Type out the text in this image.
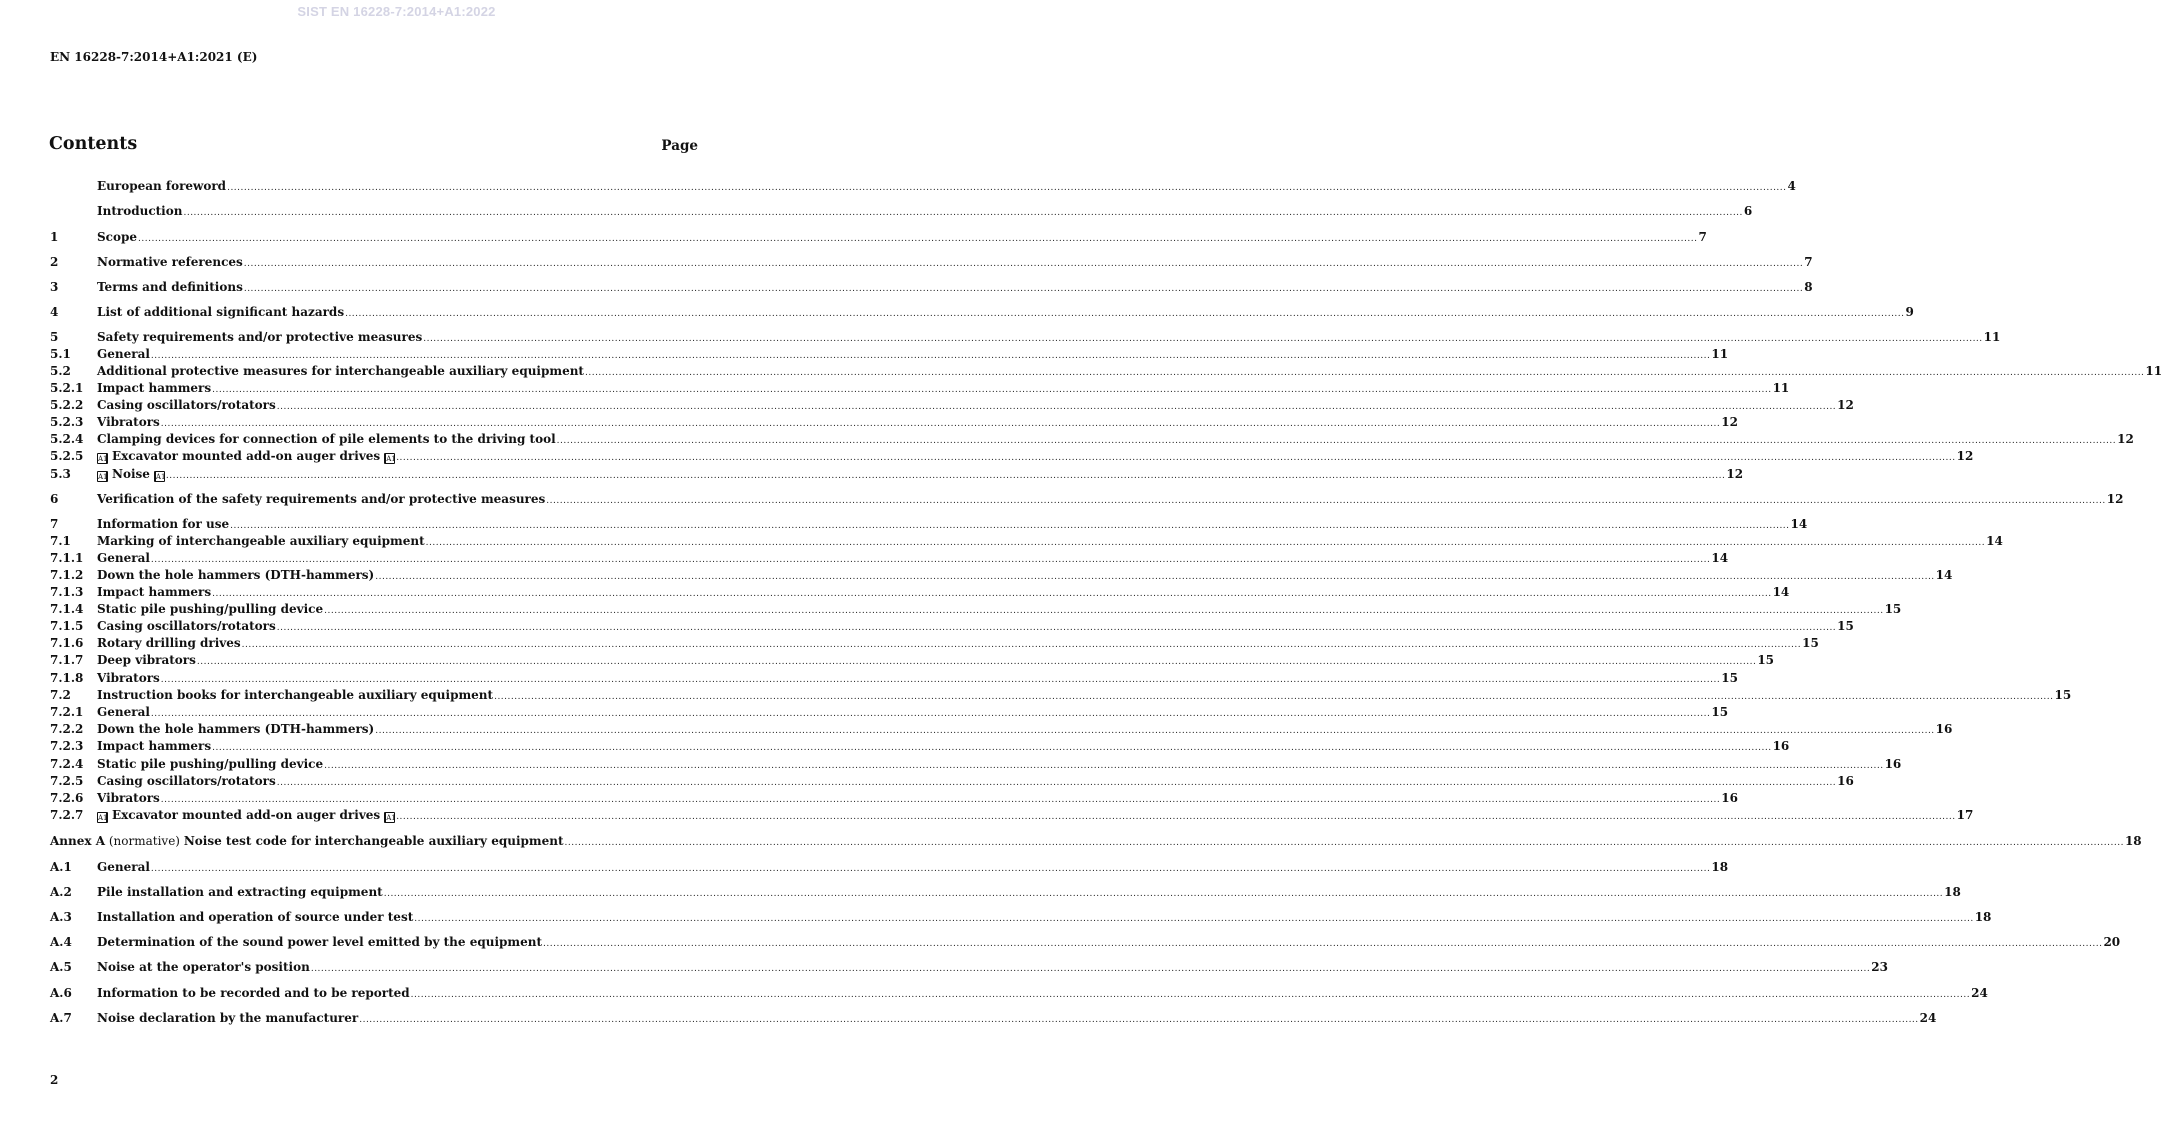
SIST EN 16228-7:2014+A1:2022
EN 16228-7:2014+A1:2021 (E)
Contents	Page
European foreword .....	4
Introduction .....	6
1	Scope .....	7
2	Normative references .....	7
3	Terms and definitions .....	8
4	List of additional significant hazards .....	9
5	Safety requirements and/or protective measures .....	11
5.1	General .....	11
5.2	Additional protective measures for interchangeable auxiliary equipment .....	11
5.2.1	Impact hammers .....	11
5.2.2	Casing oscillators/rotators .....	12
5.2.3	Vibrators .....	12
5.2.4	Clamping devices for connection of pile elements to the driving tool .....	12
5.2.5	A1 Excavator mounted add-on auger drives A1 .....	12
5.3	A1 Noise A1 .....	12
6	Verification of the safety requirements and/or protective measures .....	12
7	Information for use .....	14
7.1	Marking of interchangeable auxiliary equipment .....	14
7.1.1	General .....	14
7.1.2	Down the hole hammers (DTH-hammers) .....	14
7.1.3	Impact hammers .....	14
7.1.4	Static pile pushing/pulling device .....	15
7.1.5	Casing oscillators/rotators .....	15
7.1.6	Rotary drilling drives .....	15
7.1.7	Deep vibrators .....	15
7.1.8	Vibrators .....	15
7.2	Instruction books for interchangeable auxiliary equipment .....	15
7.2.1	General .....	15
7.2.2	Down the hole hammers (DTH-hammers) .....	16
7.2.3	Impact hammers .....	16
7.2.4	Static pile pushing/pulling device .....	16
7.2.5	Casing oscillators/rotators .....	16
7.2.6	Vibrators .....	16
7.2.7	A1 Excavator mounted add-on auger drives A1 .....	17
Annex A (normative) Noise test code for interchangeable auxiliary equipment .....	18
A.1	General .....	18
A.2	Pile installation and extracting equipment .....	18
A.3	Installation and operation of source under test .....	18
A.4	Determination of the sound power level emitted by the equipment .....	20
A.5	Noise at the operator's position .....	23
A.6	Information to be recorded and to be reported .....	24
A.7	Noise declaration by the manufacturer .....	24
2
